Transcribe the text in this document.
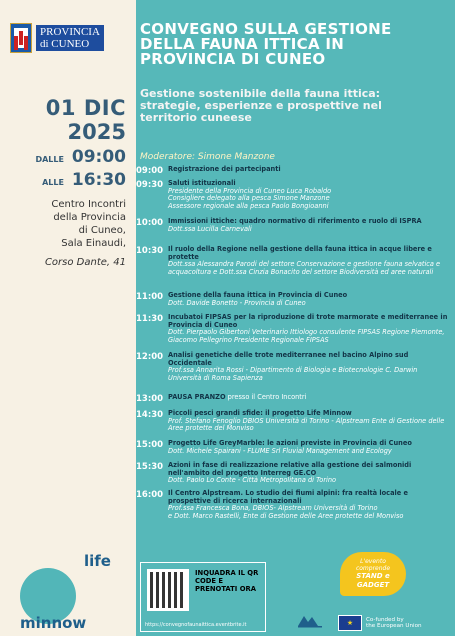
PROVINCIA
di CUNEO
01 DIC
2025
DALLE 09:00
ALLE 16:30
Centro Incontri
della Provincia
di Cuneo,
Sala Einaudi,
Corso Dante, 41
life
minnow
CONVEGNO SULLA GESTIONE DELLA FAUNA ITTICA IN PROVINCIA DI CUNEO
Gestione sostenibile della fauna ittica: strategie, esperienze e prospettive nel territorio cuneese
Moderatore: Simone Manzone
09:00 Registrazione dei partecipanti
09:30 Saluti istituzionali
Presidente della Provincia di Cuneo Luca Robaldo
Consigliere delegato alla pesca Simone Manzone
Assessore regionale alla pesca Paolo Bongioanni
10:00 Immissioni ittiche: quadro normativo di riferimento e ruolo di ISPRA
Dott.ssa Lucilla Carnevali
10:30 Il ruolo della Regione nella gestione della fauna ittica in acque libere e protette
Dott.ssa Alessandra Parodi del settore Conservazione e gestione fauna selvatica e acquacoltura e Dott.ssa Cinzia Bonacito del settore Biodiversità ed aree naturali
11:00 Gestione della fauna ittica in Provincia di Cuneo
Dott. Davide Bonetto - Provincia di Cuneo
11:30 Incubatoi FIPSAS per la riproduzione di trote marmorate e mediterranee in Provincia di Cuneo
Dott. Pierpaolo Gibertoni Veterinario Ittiologo consulente FIPSAS Regione Piemonte, Giacomo Pellegrino Presidente Regionale FIPSAS
12:00 Analisi genetiche delle trote mediterranee nel bacino Alpino sud Occidentale
Prof.ssa Annarita Rossi - Dipartimento di Biologia e Biotecnologie C. Darwin Università di Roma Sapienza
13:00 PAUSA PRANZO presso il Centro Incontri
14:30 Piccoli pesci grandi sfide: il progetto Life Minnow
Prof. Stefano Fenoglio DBIOS Università di Torino - Alpstream Ente di Gestione delle Aree protette del Monviso
15:00 Progetto Life GreyMarble: le azioni previste in Provincia di Cuneo
Dott. Michele Spairani - FLUME Srl Fluvial Management and Ecology
15:30 Azioni in fase di realizzazione relative alla gestione dei salmonidi nell'ambito del progetto Interreg GE.CO
Dott. Paolo Lo Conte - Città Metropolitana di Torino
16:00 Il Centro Alpstream. Lo studio dei fiumi alpini: fra realtà locale e prospettive di ricerca internazionali
Prof.ssa Francesca Bona, DBIOS- Alpstream Università di Torino
e Dott. Marco Rastelli, Ente di Gestione delle Aree protette del Monviso
INQUADRA IL QR CODE E PRENOTATI ORA
https://convegnofaunaittica.eventbrite.it
L'evento
comprende
STAND e
GADGET
★	Co-funded by
the European Union
